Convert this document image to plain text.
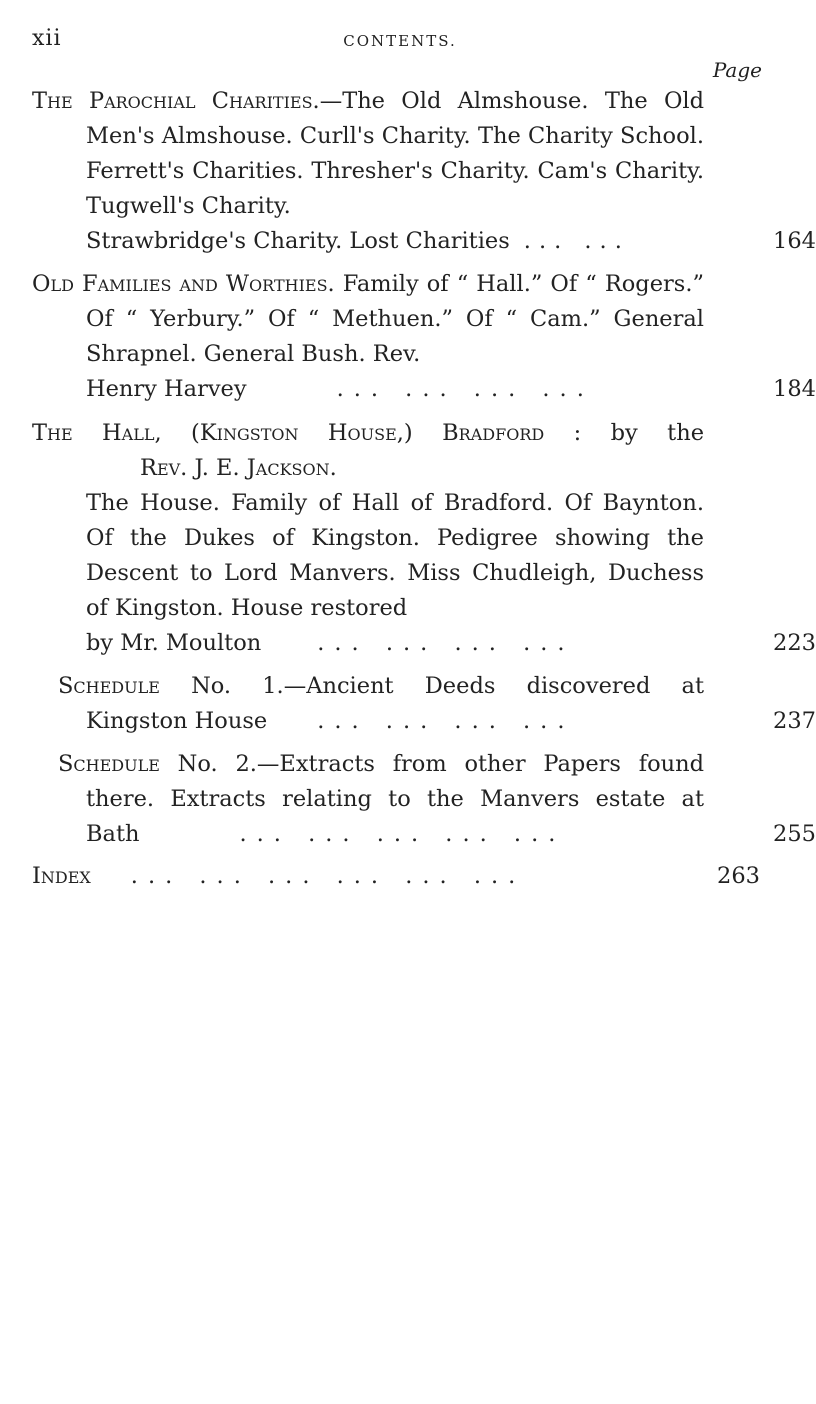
xii	CONTENTS.
Page
The Parochial Charities.—The Old Almshouse. The Old Men's Almshouse. Curll's Charity. The Charity School. Ferrett's Charities. Thresher's Charity. Cam's Charity. Tugwell's Charity.
Strawbridge's Charity. Lost Charities ... ...	164
Old Families and Worthies. Family of “ Hall.” Of “ Rogers.” Of “ Yerbury.” Of “ Methuen.” Of “ Cam.” General Shrapnel. General Bush. Rev.
Henry Harvey	... ... ... ...	184
The Hall, (Kingston House,) Bradford : by the
Rev. J. E. Jackson.
The House. Family of Hall of Bradford. Of Baynton. Of the Dukes of Kingston. Pedigree showing the Descent to Lord Manvers. Miss Chudleigh, Duchess of Kingston. House restored
by Mr. Moulton ... ... ... ...	223
Schedule No. 1.—Ancient Deeds discovered at
Kingston House ... ... ... ...	237
Schedule No. 2.—Extracts from other Papers found there. Extracts relating to the Manvers estate at
Bath	... ... ... ... ...	255
Index ... ... ... ... ... ...	263
